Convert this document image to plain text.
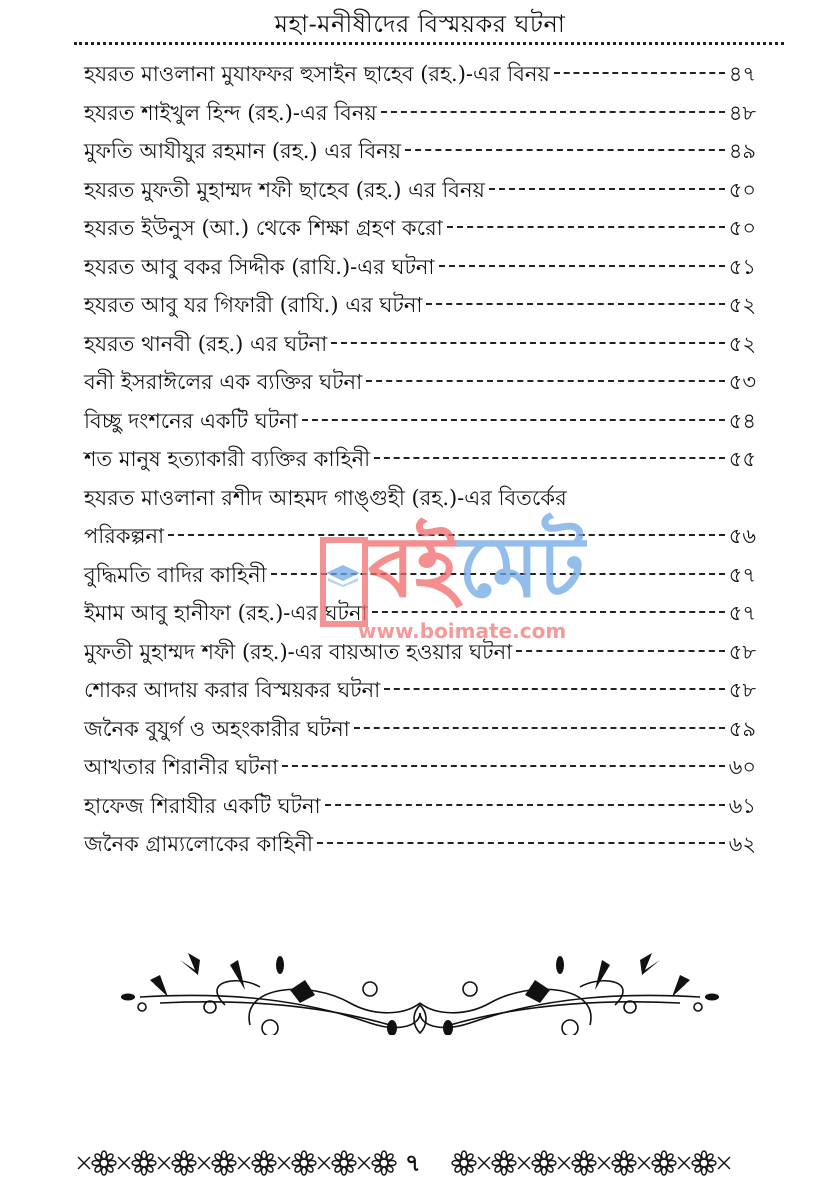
মহা-মনীষীদের বিস্ময়কর ঘটনা
হযরত মাওলানা মুযাফফর হুসাইন ছাহেব (রহ.)-এর বিনয়	৪৭
হযরত শাইখুল হিন্দ (রহ.)-এর বিনয়	৪৮
মুফতি আযীযুর রহমান (রহ.) এর বিনয়	৪৯
হযরত মুফতী মুহাম্মদ শফী ছাহেব (রহ.) এর বিনয়	৫০
হযরত ইউনুস (আ.) থেকে শিক্ষা গ্রহণ করো	৫০
হযরত আবু বকর সিদ্দীক (রাযি.)-এর ঘটনা	৫১
হযরত আবু যর গিফারী (রাযি.) এর ঘটনা	৫২
হযরত থানবী (রহ.) এর ঘটনা	৫২
বনী ইসরাঈলের এক ব্যক্তির ঘটনা	৫৩
বিচ্ছু দংশনের একটি ঘটনা	৫৪
শত মানুষ হত্যাকারী ব্যক্তির কাহিনী	৫৫
হযরত মাওলানা রশীদ আহমদ গাঙ্গুহী (রহ.)-এর বিতর্কের
পরিকল্পনা	৫৬
বুদ্ধিমতি বাদির কাহিনী	৫৭
ইমাম আবু হানীফা (রহ.)-এর ঘটনা	৫৭
মুফতী মুহাম্মদ শফী (রহ.)-এর বায়আত হওয়ার ঘটনা	৫৮
শোকর আদায় করার বিস্ময়কর ঘটনা	৫৮
জনৈক বুযুর্গ ও অহংকারীর ঘটনা	৫৯
আখতার শিরানীর ঘটনা	৬০
হাফেজ শিরাযীর একটি ঘটনা	৬১
জনৈক গ্রাম্যলোকের কাহিনী	৬২
বইমেট
www.boimate.com
৭
